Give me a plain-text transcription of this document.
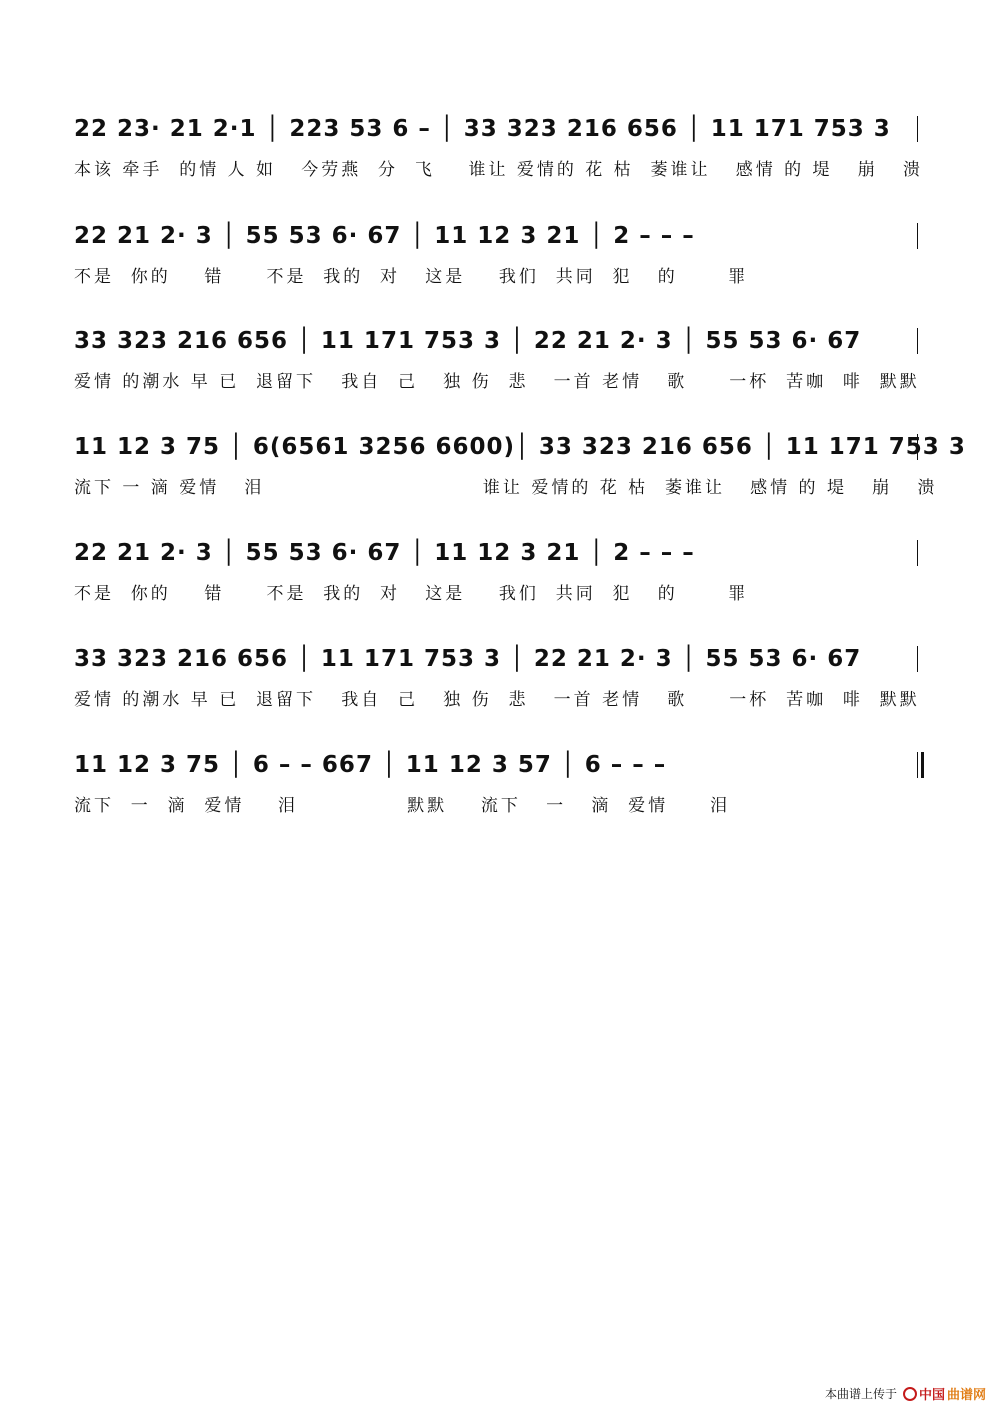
22 23· 21 2·1 │ 223 53 6 – │ 33 323 216 656 │ 11 171 753 3
本该 牵手  的情 人 如   今劳燕  分  飞    谁让 爱情的 花 枯  萎谁让   感情 的 堤   崩   溃
22 21 2· 3 │ 55 53 6· 67 │ 11 12 3 21 │ 2 – – –
不是  你的    错     不是  我的  对   这是    我们  共同  犯   的      罪
33 323 216 656 │ 11 171 753 3 │ 22 21 2· 3 │ 55 53 6· 67
爱情 的潮水 早 已  退留下   我自  己   独 伤  悲   一首 老情   歌     一杯  苦咖  啡  默默
11 12 3 75 │ 6(6561 3256 6600)│ 33 323 216 656 │ 11 171 753 3
流下 一 滴 爱情   泪                          谁让 爱情的 花 枯  萎谁让   感情 的 堤   崩   溃
22 21 2· 3 │ 55 53 6· 67 │ 11 12 3 21 │ 2 – – –
不是  你的    错     不是  我的  对   这是    我们  共同  犯   的      罪
33 323 216 656 │ 11 171 753 3 │ 22 21 2· 3 │ 55 53 6· 67
爱情 的潮水 早 已  退留下   我自  己   独 伤  悲   一首 老情   歌     一杯  苦咖  啡  默默
11 12 3 75 │ 6 – – 667 │ 11 12 3 57 │ 6 – – –
流下  一  滴  爱情    泪             默默    流下   一   滴  爱情     泪
本曲谱上传于 中国 曲谱网
